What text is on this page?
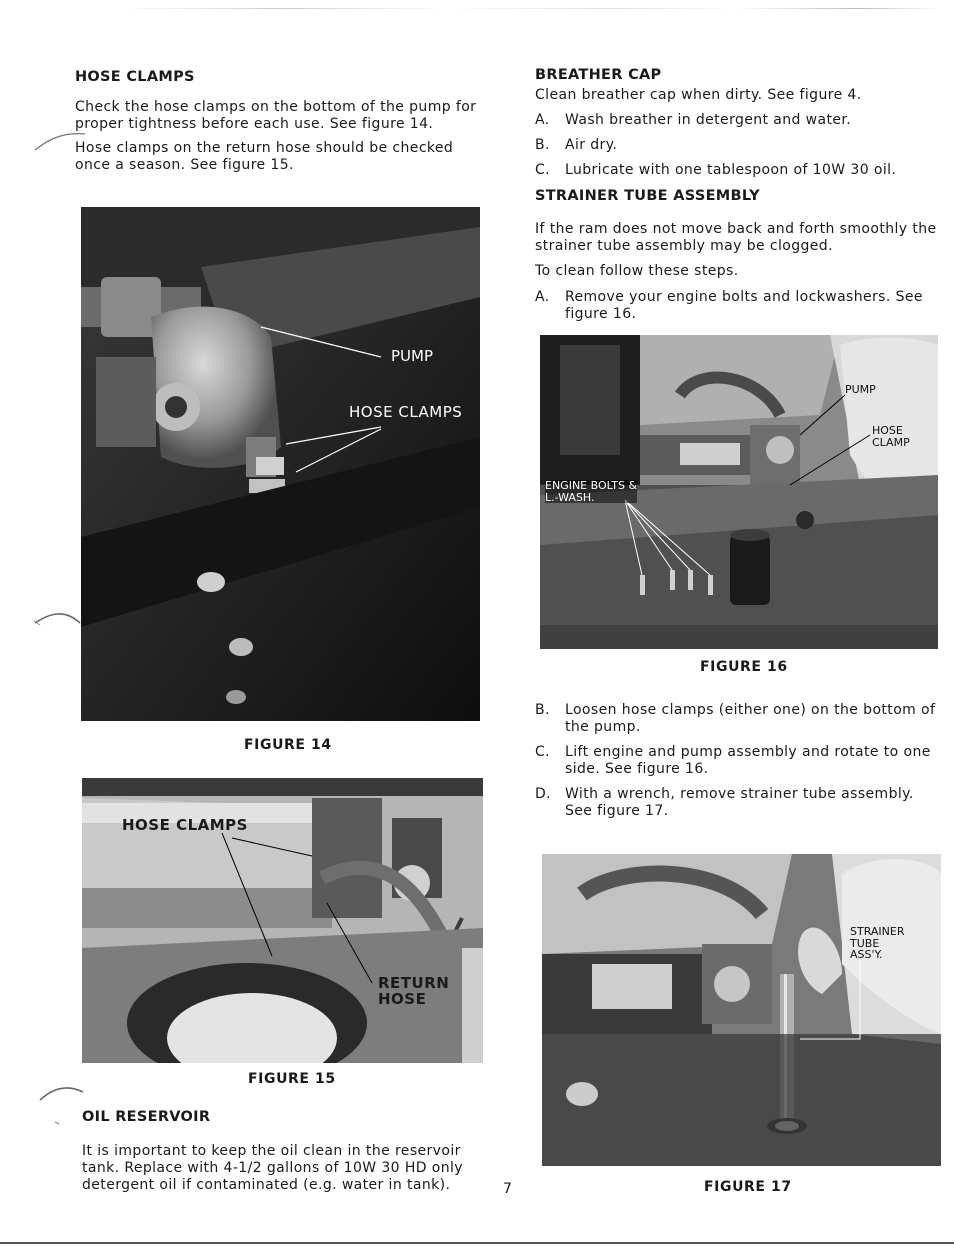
HOSE CLAMPS

Check the hose clamps on the bottom of the pump for proper tightness before each use. See figure 14.

Hose clamps on the return hose should be checked once a season. See figure 15.

PUMP
HOSE CLAMPS
FIGURE 14
HOSE CLAMPS
RETURN
HOSE
FIGURE 15
OIL RESERVOIR

It is important to keep the oil clean in the reservoir tank. Replace with 4-1/2 gallons of 10W 30 HD only detergent oil if contaminated (e.g. water in tank).	7
BREATHER CAP

Clean breather cap when dirty. See figure 4.

A.	Wash breather in detergent and water.

B.	Air dry.

C.	Lubricate with one tablespoon of 10W 30 oil.

STRAINER TUBE ASSEMBLY

If the ram does not move back and forth smoothly the strainer tube assembly may be clogged.

To clean follow these steps.

A.	Remove your engine bolts and lockwashers. See figure 16.

PUMP
HOSE
CLAMP
ENGINE BOLTS &
L.-WASH.
FIGURE 16

B.	Loosen hose clamps (either one) on the bottom of the pump.

C.	Lift engine and pump assembly and rotate to one side. See figure 16.

D. With a wrench, remove strainer tube assembly. See figure 17.

STRAINER
TUBE
ASS'Y.
FIGURE 17
